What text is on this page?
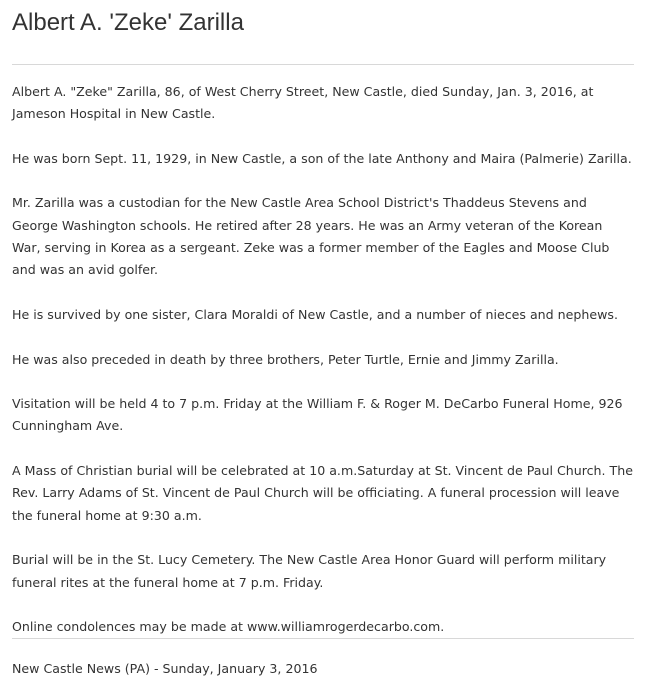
Albert A. 'Zeke' Zarilla

Albert A. "Zeke" Zarilla, 86, of West Cherry Street, New Castle, died Sunday, Jan. 3, 2016, at Jameson Hospital in New Castle.

He was born Sept. 11, 1929, in New Castle, a son of the late Anthony and Maira (Palmerie) Zarilla.

Mr. Zarilla was a custodian for the New Castle Area School District's Thaddeus Stevens and George Washington schools. He retired after 28 years. He was an Army veteran of the Korean War, serving in Korea as a sergeant. Zeke was a former member of the Eagles and Moose Club and was an avid golfer.

He is survived by one sister, Clara Moraldi of New Castle, and a number of nieces and nephews.

He was also preceded in death by three brothers, Peter Turtle, Ernie and Jimmy Zarilla.

Visitation will be held 4 to 7 p.m. Friday at the William F. & Roger M. DeCarbo Funeral Home, 926 Cunningham Ave.

A Mass of Christian burial will be celebrated at 10 a.m.Saturday at St. Vincent de Paul Church. The Rev. Larry Adams of St. Vincent de Paul Church will be officiating. A funeral procession will leave the funeral home at 9:30 a.m.

Burial will be in the St. Lucy Cemetery. The New Castle Area Honor Guard will perform military funeral rites at the funeral home at 7 p.m. Friday.

Online condolences may be made at www.williamrogerdecarbo.com.

New Castle News (PA) - Sunday, January 3, 2016
